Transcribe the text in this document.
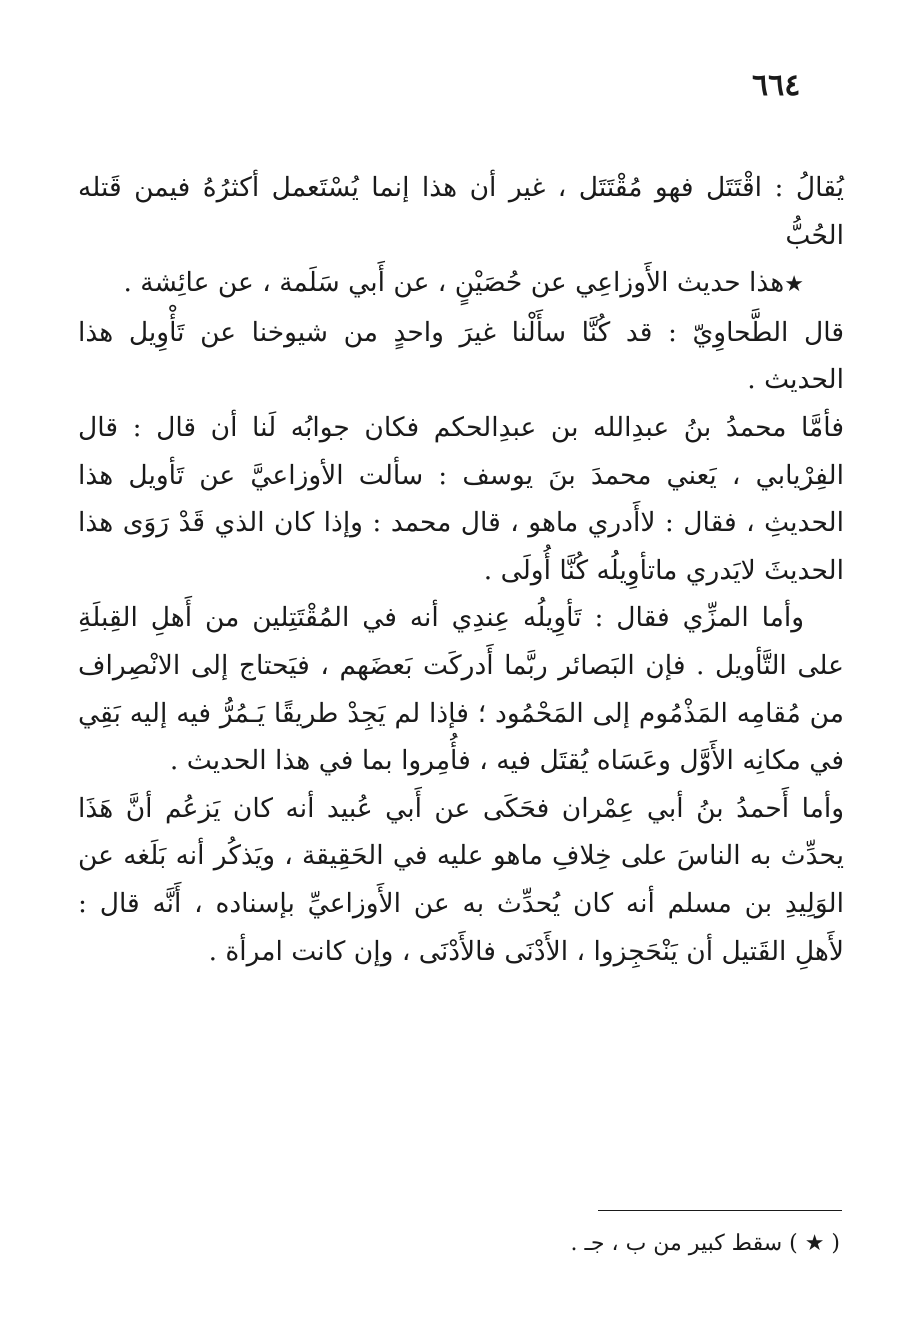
٦٦٤

يُقالُ : اقْتَتَل فهو مُقْتَتَل ، غير أن هذا إنما يُسْتَعمل أكثرُهُ فيمن قَتله الحُبُّ

★هذا حديث الأَوزاعِي عن حُصَيْنٍ ، عن أَبي سَلَمة ، عن عائِشة .

قال الطَّحاوِيّ : قد كُنَّا سأَلْنا غيرَ واحدٍ من شيوخنا عن تَأْوِيل هذا الحديث .

فأمَّا محمدُ بنُ عبدِالله بن عبدِالحكم فكان جوابُه لَنا أن قال : قال الفِرْيابي ، يَعني محمدَ بنَ يوسف : سألت الأوزاعيَّ عن تَأويل هذا الحديثِ ، فقال : لاأَدري ماهو ، قال محمد : وإذا كان الذي قَدْ رَوَى هذا الحديثَ لايَدري ماتأوِيلُه كُنَّا أُولَى .

وأما المزِّي فقال : تَأوِيلُه عِندِي أنه في المُقْتَتِلين من أَهلِ القِبلَةِ على التَّأويل . فإن البَصائر ربَّما أَدركَت بَعضَهم ، فيَحتاج إلى الانْصِراف من مُقامِه المَذْمُوم إلى المَحْمُود ؛ فإذا لم يَجِدْ طريقًا يَـمُرُّ فيه إليه بَقِي في مكانِه الأَوَّل وعَسَاه يُقتَل فيه ، فأُمِروا بما في هذا الحديث .

وأما أَحمدُ بنُ أبي عِمْران فحَكَى عن أَبي عُبيد أنه كان يَزعُم أنَّ هَذَا يحدِّث به الناسَ على خِلافِ ماهو عليه في الحَقِيقة ، ويَذكُر أنه بَلَغه عن الوَلِيدِ بن مسلم أنه كان يُحدِّث به عن الأَوزاعيِّ بإسناده ، أَنَّه قال : لأَهلِ القَتيل أن يَنْحَجِزوا ، الأَدْنَى فالأَدْنَى ، وإن كانت امرأة .

( ★ ) سقط كبير من ب ، جـ .
